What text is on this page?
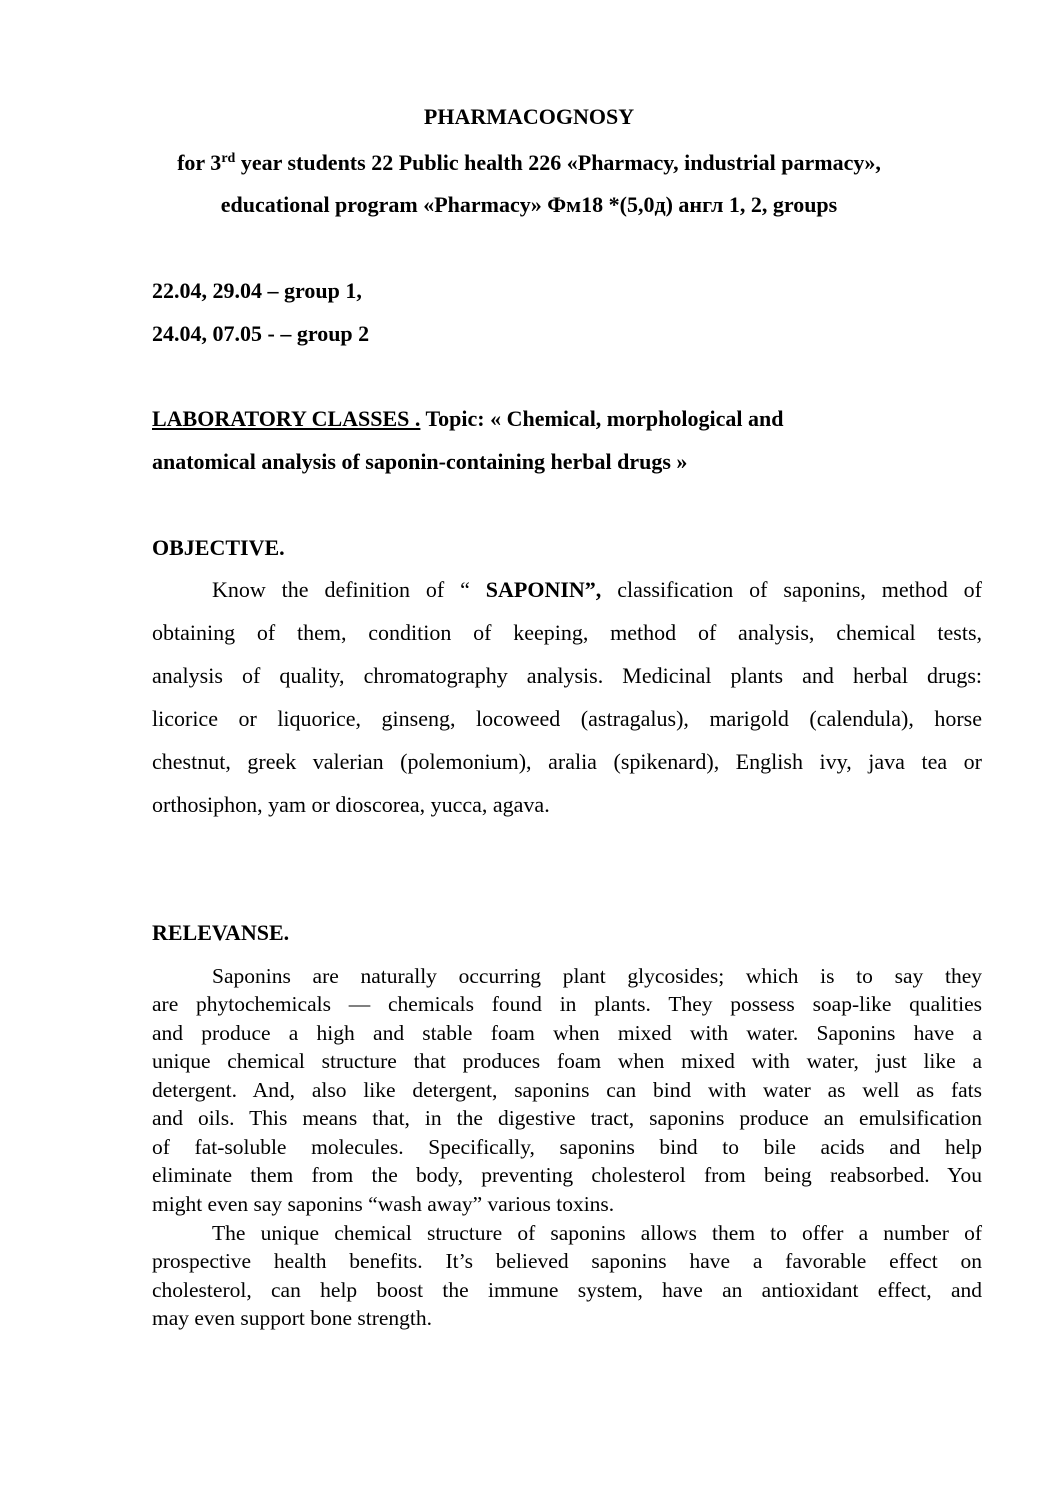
PHARMACOGNOSY
for 3rd year students 22 Public health 226 «Pharmacy, industrial parmacy»,
educational program «Pharmacy» Фм18 *(5,0д) англ 1, 2, groups
22.04, 29.04 – group 1,
24.04, 07.05 - – group 2
LABORATORY CLASSES . Topic: « Chemical, morphological and
anatomical analysis of saponin-containing herbal drugs »
OBJECTIVE.
Know the definition of “ SAPONIN”, classification of saponins, method of
obtaining of them, condition of keeping, method of analysis, chemical tests,
analysis of quality, chromatography analysis. Medicinal plants and herbal drugs:
licorice or liquorice, ginseng, locoweed (astragalus), marigold (calendula), horse
chestnut, greek valerian (polemonium), aralia (spikenard), English ivy, java tea or
orthosiphon, yam or dioscorea, yucca, agava.
RELEVANSE.
Saponins are naturally occurring plant glycosides; which is to say they
are phytochemicals — chemicals found in plants. They possess soap-like qualities
and produce a high and stable foam when mixed with water. Saponins have a
unique chemical structure that produces foam when mixed with water, just like a
detergent. And, also like detergent, saponins can bind with water as well as fats
and oils. This means that, in the digestive tract, saponins produce an emulsification
of fat-soluble molecules. Specifically, saponins bind to bile acids and help
eliminate them from the body, preventing cholesterol from being reabsorbed. You
might even say saponins “wash away” various toxins.
The unique chemical structure of saponins allows them to offer a number of
prospective health benefits. It’s believed saponins have a favorable effect on
cholesterol, can help boost the immune system, have an antioxidant effect, and
may even support bone strength.
